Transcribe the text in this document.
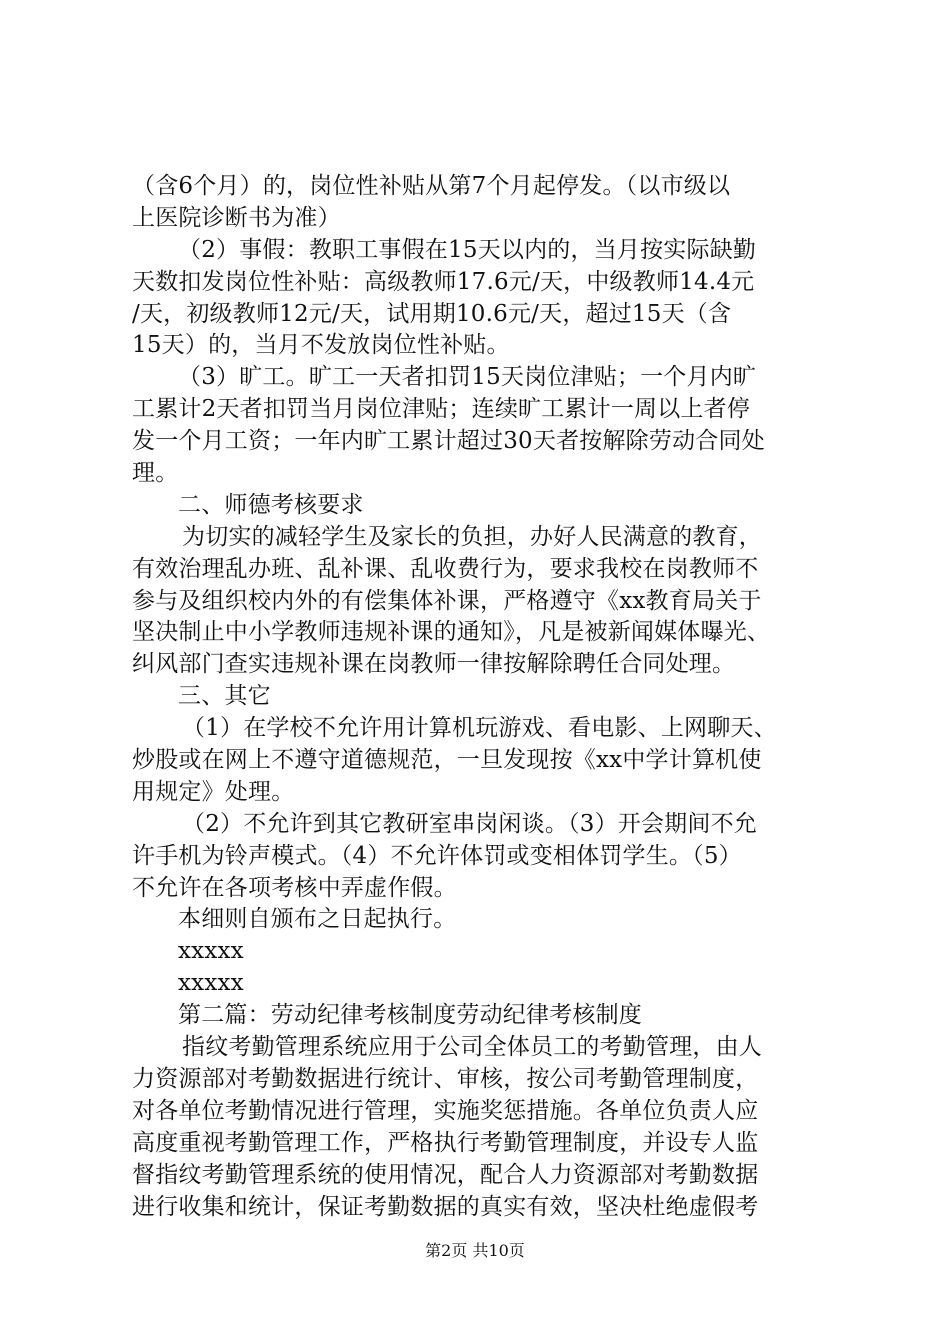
（含6个月）的，岗位性补贴从第7个月起停发。（以市级以
上医院诊断书为准）
（2）事假：教职工事假在15天以内的，当月按实际缺勤
天数扣发岗位性补贴：高级教师17.6元/天，中级教师14.4元
/天，初级教师12元/天，试用期10.6元/天，超过15天（含
15天）的，当月不发放岗位性补贴。
（3）旷工。旷工一天者扣罚15天岗位津贴；一个月内旷
工累计2天者扣罚当月岗位津贴；连续旷工累计一周以上者停
发一个月工资；一年内旷工累计超过30天者按解除劳动合同处
理。
二、师德考核要求
为切实的减轻学生及家长的负担，办好人民满意的教育，
有效治理乱办班、乱补课、乱收费行为，要求我校在岗教师不
参与及组织校内外的有偿集体补课，严格遵守《xx教育局关于
坚决制止中小学教师违规补课的通知》，凡是被新闻媒体曝光、
纠风部门查实违规补课在岗教师一律按解除聘任合同处理。
三、其它
（1）在学校不允许用计算机玩游戏、看电影、上网聊天、
炒股或在网上不遵守道德规范，一旦发现按《xx中学计算机使
用规定》处理。
（2）不允许到其它教研室串岗闲谈。（3）开会期间不允
许手机为铃声模式。（4）不允许体罚或变相体罚学生。（5）
不允许在各项考核中弄虚作假。
本细则自颁布之日起执行。
xxxxx
xxxxx
第二篇：劳动纪律考核制度劳动纪律考核制度
指纹考勤管理系统应用于公司全体员工的考勤管理，由人
力资源部对考勤数据进行统计、审核，按公司考勤管理制度，
对各单位考勤情况进行管理，实施奖惩措施。各单位负责人应
高度重视考勤管理工作，严格执行考勤管理制度，并设专人监
督指纹考勤管理系统的使用情况，配合人力资源部对考勤数据
进行收集和统计，保证考勤数据的真实有效，坚决杜绝虚假考
第2页 共10页
